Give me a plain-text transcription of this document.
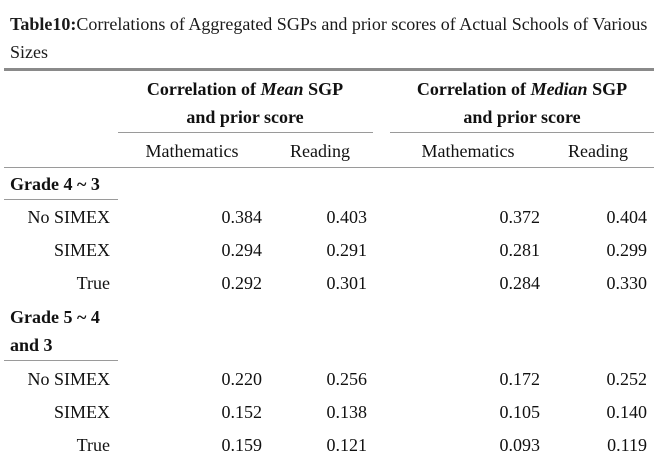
Table10:Correlations of Aggregated SGPs and prior scores of Actual Schools of Various Sizes
Correlation of Mean SGP
and prior score
Correlation of Median SGP
and prior score
Mathematics	Reading	Mathematics	Reading
Grade 4 ~ 3
No SIMEX	0.384	0.403	0.372	0.404
SIMEX	0.294	0.291	0.281	0.299
True	0.292	0.301	0.284	0.330
Grade 5 ~ 4
and 3
No SIMEX	0.220	0.256	0.172	0.252
SIMEX	0.152	0.138	0.105	0.140
True	0.159	0.121	0.093	0.119
